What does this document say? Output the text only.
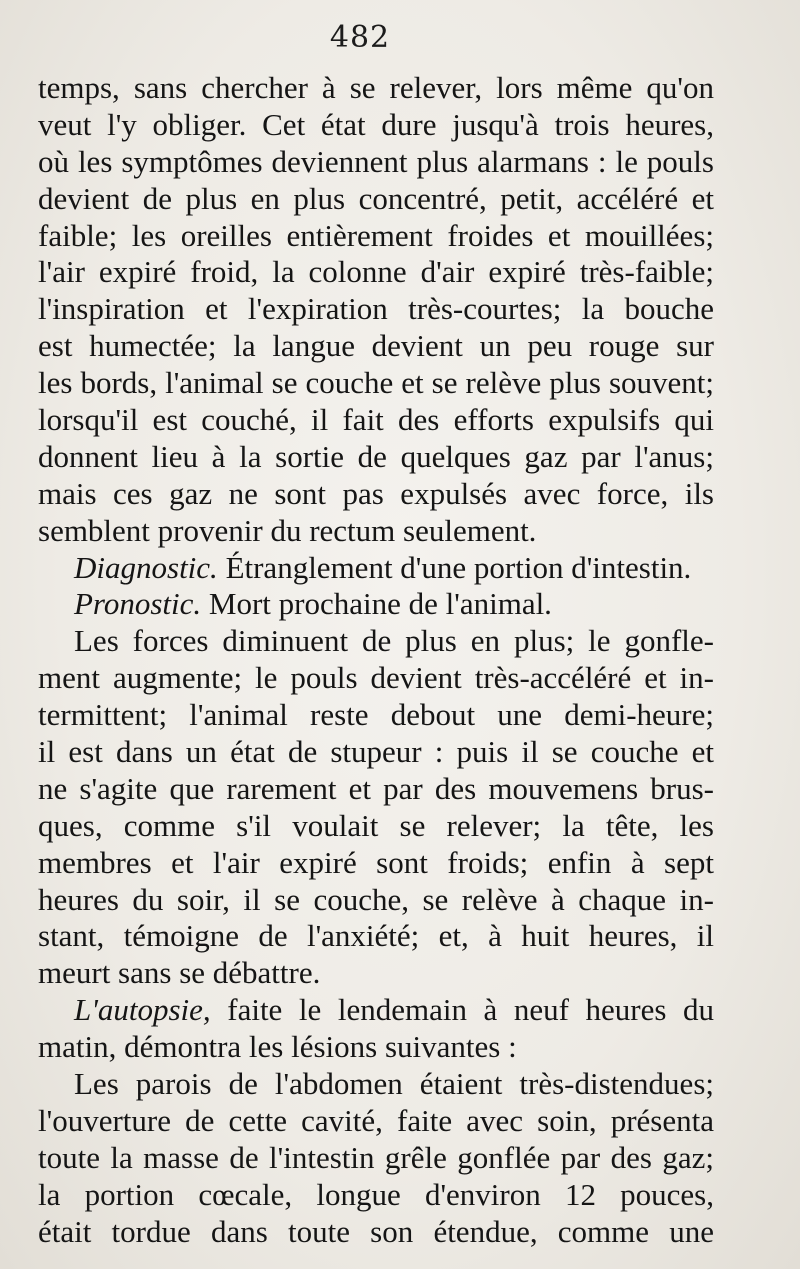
482
temps, sans chercher à se relever, lors même qu'on
veut l'y obliger. Cet état dure jusqu'à trois heures,
où les symptômes deviennent plus alarmans : le pouls
devient de plus en plus concentré, petit, accéléré et
faible; les oreilles entièrement froides et mouillées;
l'air expiré froid, la colonne d'air expiré très-faible;
l'inspiration et l'expiration très-courtes; la bouche
est humectée; la langue devient un peu rouge sur
les bords, l'animal se couche et se relève plus souvent;
lorsqu'il est couché, il fait des efforts expulsifs qui
donnent lieu à la sortie de quelques gaz par l'anus;
mais ces gaz ne sont pas expulsés avec force, ils
semblent provenir du rectum seulement.
Diagnostic. Étranglement d'une portion d'intestin.
Pronostic. Mort prochaine de l'animal.
Les forces diminuent de plus en plus; le gonfle-
ment augmente; le pouls devient très-accéléré et in-
termittent; l'animal reste debout une demi-heure;
il est dans un état de stupeur : puis il se couche et
ne s'agite que rarement et par des mouvemens brus-
ques, comme s'il voulait se relever; la tête, les
membres et l'air expiré sont froids; enfin à sept
heures du soir, il se couche, se relève à chaque in-
stant, témoigne de l'anxiété; et, à huit heures, il
meurt sans se débattre.
L'autopsie, faite le lendemain à neuf heures du
matin, démontra les lésions suivantes :
Les parois de l'abdomen étaient très-distendues;
l'ouverture de cette cavité, faite avec soin, présenta
toute la masse de l'intestin grêle gonflée par des gaz;
la portion cœcale, longue d'environ 12 pouces,
était tordue dans toute son étendue, comme une
